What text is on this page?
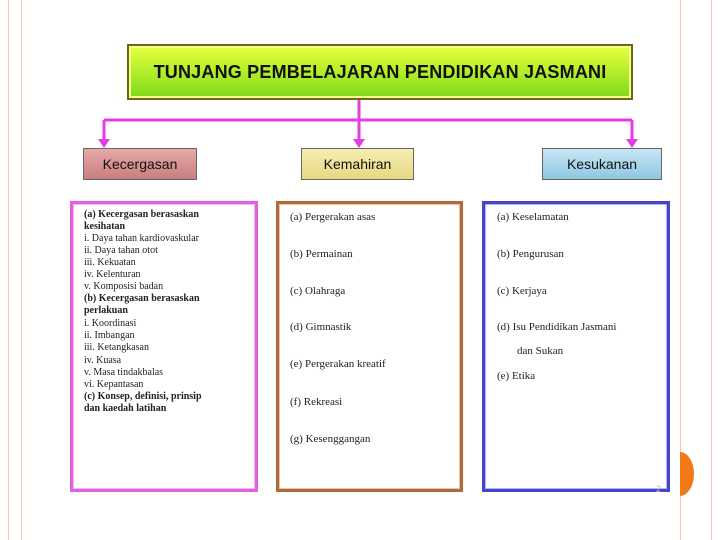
TUNJANG PEMBELAJARAN PENDIDIKAN JASMANI
Kecergasan	Kemahiran	Kesukanan
(a) Kecergasan berasaskan
kesihatan
i. Daya tahan kardiovaskular
ii. Daya tahan otot
iii. Kekuatan
iv. Kelenturan
v. Komposisi badan
(b) Kecergasan berasaskan
perlakuan
i. Koordinasi
ii. Imbangan
iii. Ketangkasan
iv. Kuasa
v. Masa tindakbalas
vi. Kepantasan
(c) Konsep, definisi, prinsip
dan kaedah latihan
(a) Pergerakan asas
(b) Permainan
(c) Olahraga
(d) Gimnastik
(e) Pergerakan kreatif
(f) Rekreasi
(g) Kesenggangan
(a) Keselamatan
(b) Pengurusan
(c) Kerjaya
(d) Isu Pendidikan Jasmani
dan Sukan
(e) Etika
2
